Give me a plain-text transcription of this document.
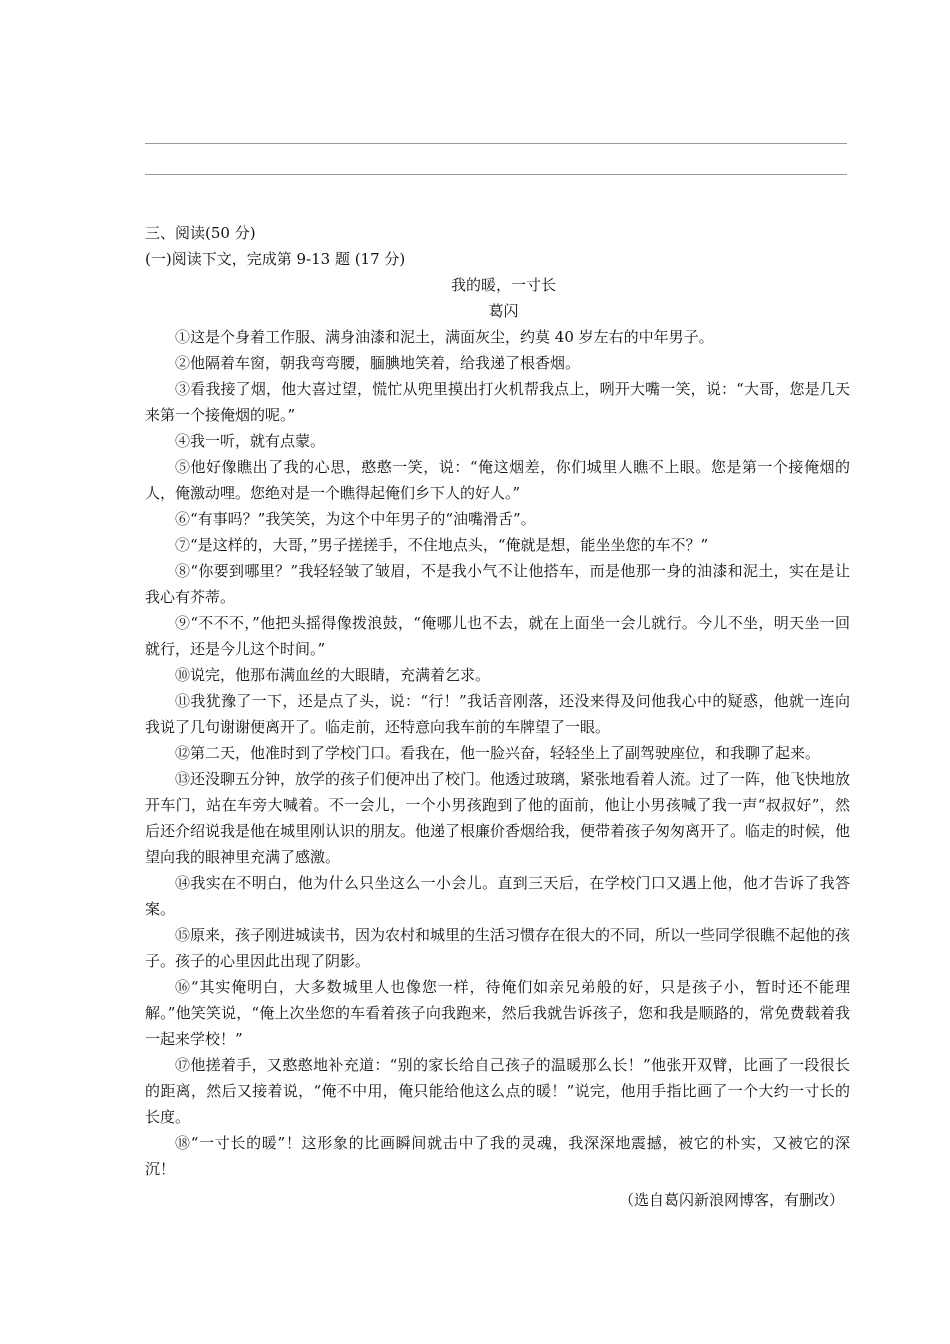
三、阅读(50 分)

(一)阅读下文，完成第 9-13 题 (17 分)

我的暖，一寸长

葛闪

①这是个身着工作服、满身油漆和泥土，满面灰尘，约莫 40 岁左右的中年男子。

②他隔着车窗，朝我弯弯腰，腼腆地笑着，给我递了根香烟。

③看我接了烟，他大喜过望，慌忙从兜里摸出打火机帮我点上，咧开大嘴一笑，说：“大哥，您是几天来第一个接俺烟的呢。”

④我一听，就有点蒙。

⑤他好像瞧出了我的心思，憨憨一笑，说：“俺这烟差，你们城里人瞧不上眼。您是第一个接俺烟的人，俺激动哩。您绝对是一个瞧得起俺们乡下人的好人。”

⑥“有事吗？”我笑笑，为这个中年男子的“油嘴滑舌”。

⑦“是这样的，大哥，”男子搓搓手，不住地点头，“俺就是想，能坐坐您的车不？”

⑧“你要到哪里？”我轻轻皱了皱眉，不是我小气不让他搭车，而是他那一身的油漆和泥土，实在是让我心有芥蒂。

⑨“不不不，”他把头摇得像拨浪鼓，“俺哪儿也不去，就在上面坐一会儿就行。今儿不坐，明天坐一回就行，还是今儿这个时间。”

⑩说完，他那布满血丝的大眼睛，充满着乞求。

⑪我犹豫了一下，还是点了头，说：“行！”我话音刚落，还没来得及问他我心中的疑惑，他就一连向我说了几句谢谢便离开了。临走前，还特意向我车前的车牌望了一眼。

⑫第二天，他准时到了学校门口。看我在，他一脸兴奋，轻轻坐上了副驾驶座位，和我聊了起来。

⑬还没聊五分钟，放学的孩子们便冲出了校门。他透过玻璃，紧张地看着人流。过了一阵，他飞快地放开车门，站在车旁大喊着。不一会儿，一个小男孩跑到了他的面前，他让小男孩喊了我一声“叔叔好”，然后还介绍说我是他在城里刚认识的朋友。他递了根廉价香烟给我，便带着孩子匆匆离开了。临走的时候，他望向我的眼神里充满了感激。

⑭我实在不明白，他为什么只坐这么一小会儿。直到三天后，在学校门口又遇上他，他才告诉了我答案。

⑮原来，孩子刚进城读书，因为农村和城里的生活习惯存在很大的不同，所以一些同学很瞧不起他的孩子。孩子的心里因此出现了阴影。

⑯“其实俺明白，大多数城里人也像您一样，待俺们如亲兄弟般的好，只是孩子小，暂时还不能理解。”他笑笑说，“俺上次坐您的车看着孩子向我跑来，然后我就告诉孩子，您和我是顺路的，常免费载着我一起来学校！”

⑰他搓着手，又憨憨地补充道：“别的家长给自己孩子的温暖那么长！”他张开双臂，比画了一段很长的距离，然后又接着说，“俺不中用，俺只能给他这么点的暖！”说完，他用手指比画了一个大约一寸长的长度。

⑱“一寸长的暖”！这形象的比画瞬间就击中了我的灵魂，我深深地震撼，被它的朴实，又被它的深沉！

（选自葛闪新浪网博客，有删改）
